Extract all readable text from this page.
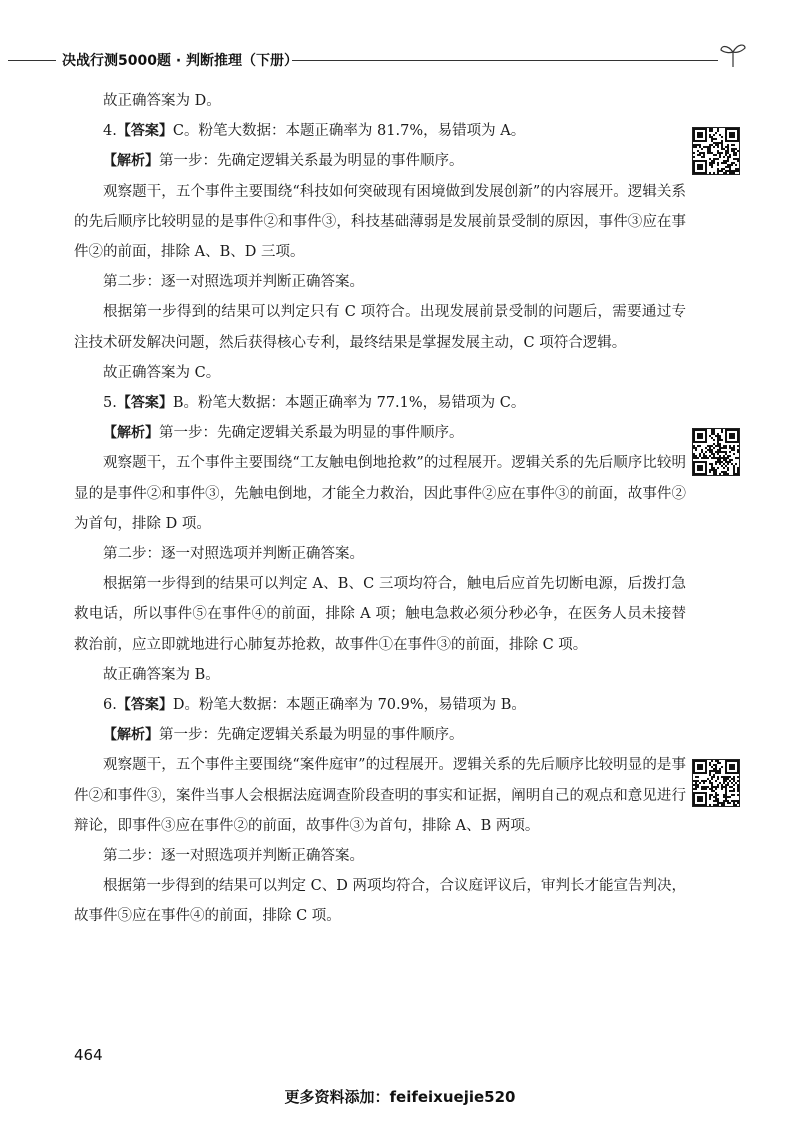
决战行测5000题 · 判断推理（下册）

故正确答案为 D。

4.【答案】C。粉笔大数据：本题正确率为 81.7%，易错项为 A。

【解析】第一步：先确定逻辑关系最为明显的事件顺序。

观察题干，五个事件主要围绕“科技如何突破现有困境做到发展创新”的内容展开。逻辑关系的先后顺序比较明显的是事件②和事件③，科技基础薄弱是发展前景受制的原因，事件③应在事件②的前面，排除 A、B、D 三项。

第二步：逐一对照选项并判断正确答案。

根据第一步得到的结果可以判定只有 C 项符合。出现发展前景受制的问题后，需要通过专注技术研发解决问题，然后获得核心专利，最终结果是掌握发展主动，C 项符合逻辑。

故正确答案为 C。

5.【答案】B。粉笔大数据：本题正确率为 77.1%，易错项为 C。

【解析】第一步：先确定逻辑关系最为明显的事件顺序。

观察题干，五个事件主要围绕“工友触电倒地抢救”的过程展开。逻辑关系的先后顺序比较明显的是事件②和事件③，先触电倒地，才能全力救治，因此事件②应在事件③的前面，故事件②为首句，排除 D 项。

第二步：逐一对照选项并判断正确答案。

根据第一步得到的结果可以判定 A、B、C 三项均符合，触电后应首先切断电源，后拨打急救电话，所以事件⑤在事件④的前面，排除 A 项；触电急救必须分秒必争，在医务人员未接替救治前，应立即就地进行心肺复苏抢救，故事件①在事件③的前面，排除 C 项。

故正确答案为 B。

6.【答案】D。粉笔大数据：本题正确率为 70.9%，易错项为 B。

【解析】第一步：先确定逻辑关系最为明显的事件顺序。

观察题干，五个事件主要围绕“案件庭审”的过程展开。逻辑关系的先后顺序比较明显的是事件②和事件③，案件当事人会根据法庭调查阶段查明的事实和证据，阐明自己的观点和意见进行辩论，即事件③应在事件②的前面，故事件③为首句，排除 A、B 两项。

第二步：逐一对照选项并判断正确答案。

根据第一步得到的结果可以判定 C、D 两项均符合，合议庭评议后，审判长才能宣告判决，故事件⑤应在事件④的前面，排除 C 项。

464
更多资料添加：feifeixuejie520
